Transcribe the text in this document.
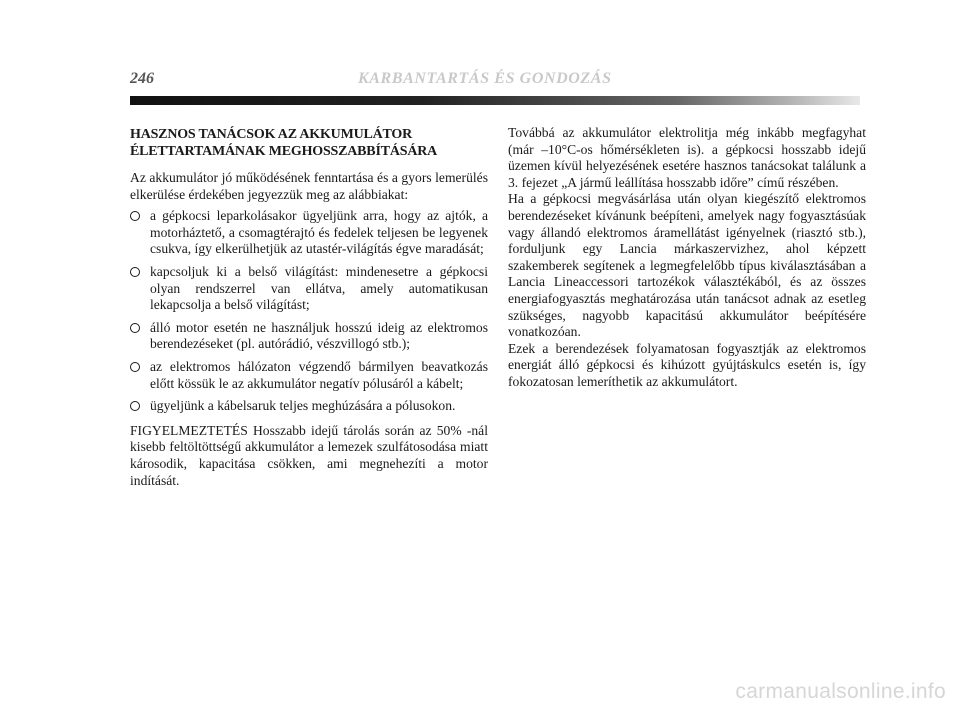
246	KARBANTARTÁS ÉS GONDOZÁS
HASZNOS TANÁCSOK AZ AKKUMULÁTOR
ÉLETTARTAMÁNAK MEGHOSSZABBÍTÁSÁRA

Az akkumulátor jó működésének fenntartása és a gyors lemerülés elkerülése érdekében jegyezzük meg az alábbiakat:

a gépkocsi leparkolásakor ügyeljünk arra, hogy az ajtók, a motorháztető, a csomagtérajtó és fedelek teljesen be legyenek csukva, így elkerülhetjük az utastér-világítás égve maradását;
kapcsoljuk ki a belső világítást: mindenesetre a gépkocsi olyan rendszerrel van ellátva, amely automatikusan lekapcsolja a belső világítást;
álló motor esetén ne használjuk hosszú ideig az elektromos berendezéseket (pl. autórádió, vészvillogó stb.);
az elektromos hálózaton végzendő bármilyen beavatkozás előtt kössük le az akkumulátor negatív pólusáról a kábelt;
ügyeljünk a kábelsaruk teljes meghúzására a pólusokon.

FIGYELMEZTETÉS Hosszabb idejű tárolás során az 50% -nál kisebb feltöltöttségű akkumulátor a lemezek szulfátosodása miatt károsodik, kapacitása csökken, ami megnehezíti a motor indítását.

Továbbá az akkumulátor elektrolitja még inkább megfagyhat (már –10°C-os hőmérsékleten is). a gépkocsi hosszabb idejű üzemen kívül helyezésének esetére hasznos tanácsokat találunk a 3. fejezet „A jármű leállítása hosszabb időre” című részében.

Ha a gépkocsi megvásárlása után olyan kiegészítő elektromos berendezéseket kívánunk beépíteni, amelyek nagy fogyasztásúak vagy állandó elektromos áramellátást igényelnek (riasztó stb.), forduljunk egy Lancia márkaszervizhez, ahol képzett szakemberek segítenek a legmegfelelőbb típus kiválasztásában a Lancia Lineaccessori tartozékok választékából, és az összes energiafogyasztás meghatározása után tanácsot adnak az esetleg szükséges, nagyobb kapacitású akkumulátor beépítésére vonatkozóan.

Ezek a berendezések folyamatosan fogyasztják az elektromos energiát álló gépkocsi és kihúzott gyújtáskulcs esetén is, így fokozatosan lemeríthetik az akkumulátort.

carmanualsonline.info
